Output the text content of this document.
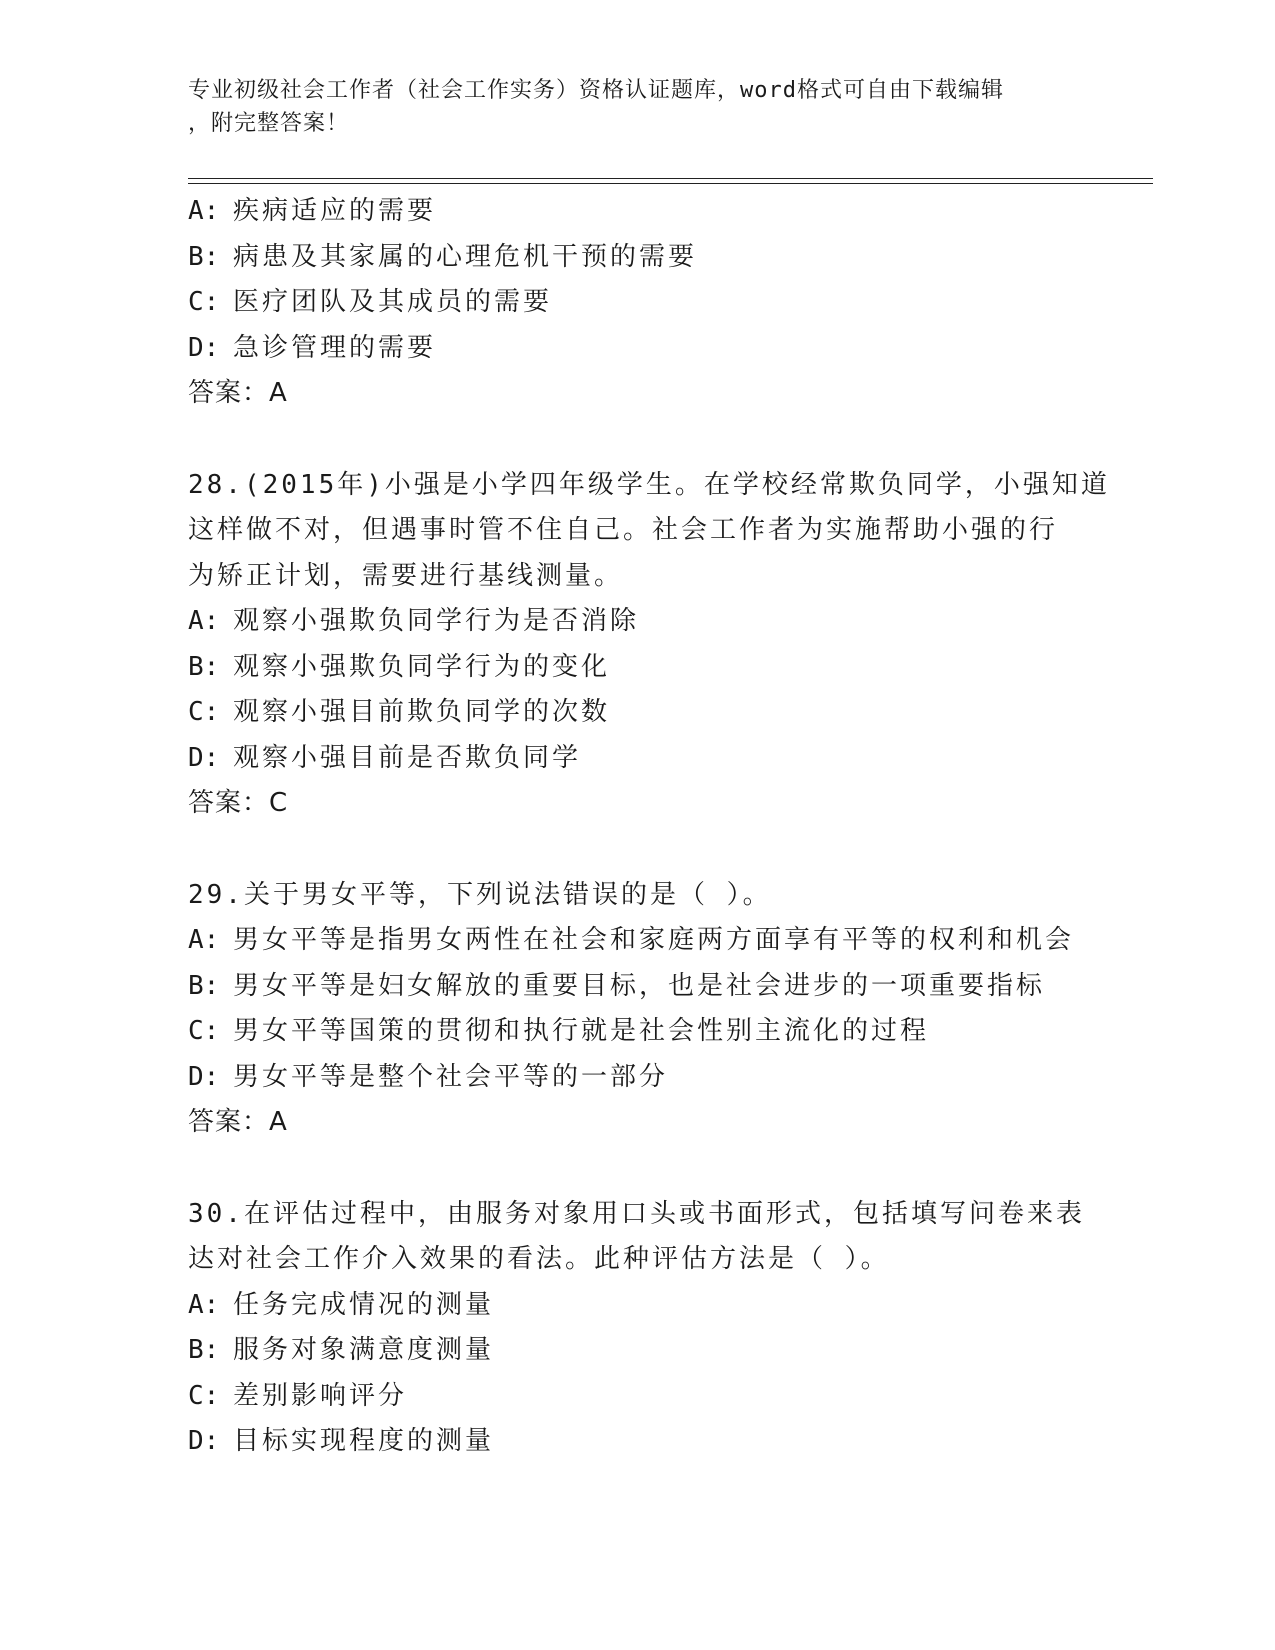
专业初级社会工作者（社会工作实务）资格认证题库，word格式可自由下载编辑
，附完整答案！
A: 疾病适应的需要
B: 病患及其家属的心理危机干预的需要
C: 医疗团队及其成员的需要
D: 急诊管理的需要
答案：A
28.(2015年)小强是小学四年级学生。在学校经常欺负同学，小强知道
这样做不对，但遇事时管不住自己。社会工作者为实施帮助小强的行
为矫正计划，需要进行基线测量。
A: 观察小强欺负同学行为是否消除
B: 观察小强欺负同学行为的变化
C: 观察小强目前欺负同学的次数
D: 观察小强目前是否欺负同学
答案：C
29.关于男女平等，下列说法错误的是（ ）。
A: 男女平等是指男女两性在社会和家庭两方面享有平等的权利和机会
B: 男女平等是妇女解放的重要目标，也是社会进步的一项重要指标
C: 男女平等国策的贯彻和执行就是社会性别主流化的过程
D: 男女平等是整个社会平等的一部分
答案：A
30.在评估过程中，由服务对象用口头或书面形式，包括填写问卷来表
达对社会工作介入效果的看法。此种评估方法是（ ）。
A: 任务完成情况的测量
B: 服务对象满意度测量
C: 差别影响评分
D: 目标实现程度的测量
